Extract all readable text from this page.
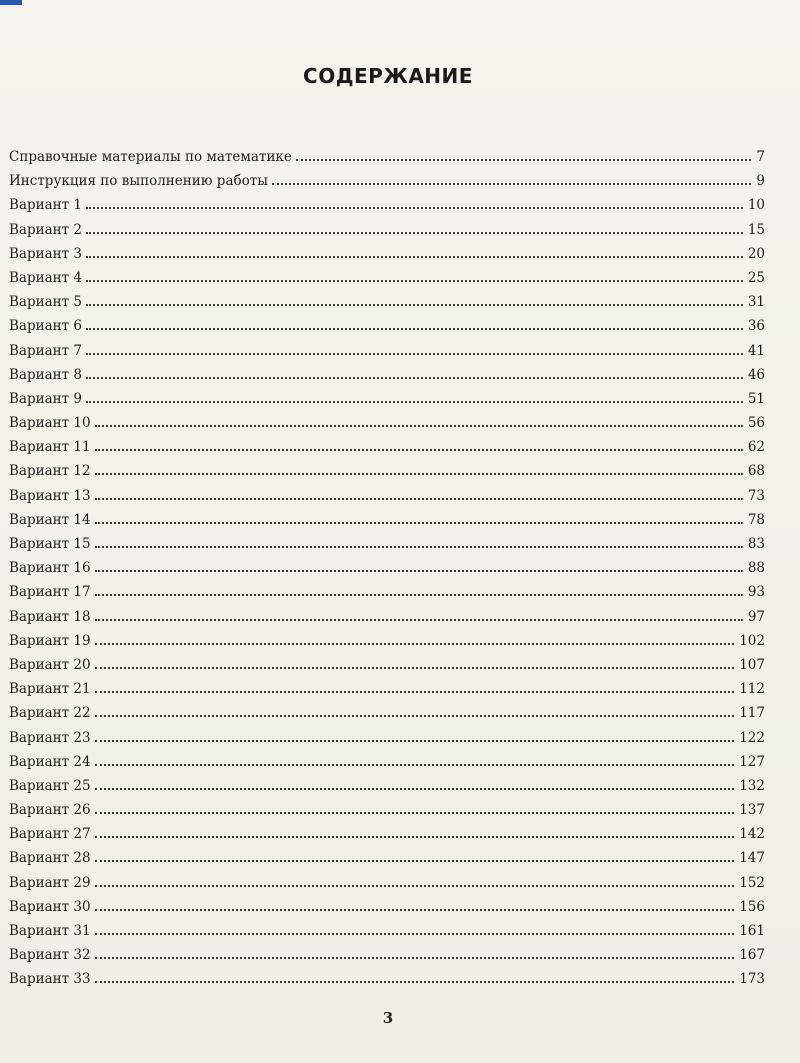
СОДЕРЖАНИЕ
Справочные материалы по математике	7
Инструкция по выполнению работы	9
Вариант 1	10
Вариант 2	15
Вариант 3	20
Вариант 4	25
Вариант 5	31
Вариант 6	36
Вариант 7	41
Вариант 8	46
Вариант 9	51
Вариант 10	56
Вариант 11	62
Вариант 12	68
Вариант 13	73
Вариант 14	78
Вариант 15	83
Вариант 16	88
Вариант 17	93
Вариант 18	97
Вариант 19	102
Вариант 20	107
Вариант 21	112
Вариант 22	117
Вариант 23	122
Вариант 24	127
Вариант 25	132
Вариант 26	137
Вариант 27	142
Вариант 28	147
Вариант 29	152
Вариант 30	156
Вариант 31	161
Вариант 32	167
Вариант 33	173
3
